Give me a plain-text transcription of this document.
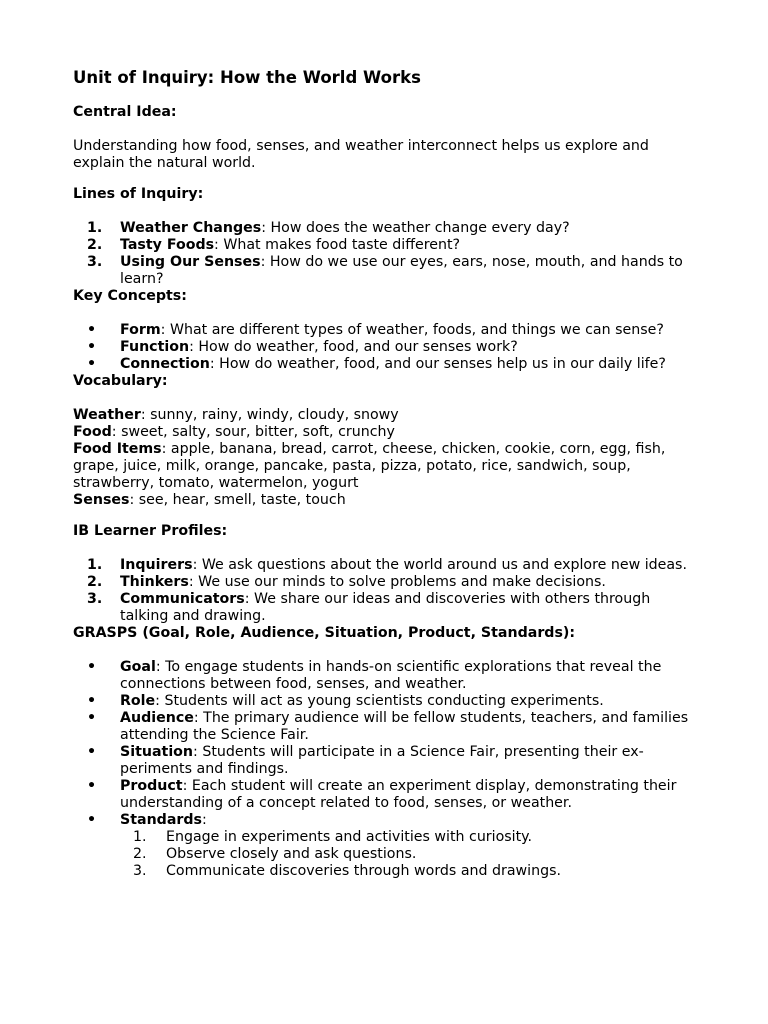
Unit of Inquiry: How the World Works
Central Idea:
Understanding how food, senses, and weather interconnect helps us explore and explain the natural world.
Lines of Inquiry:
1. Weather Changes: How does the weather change every day?
2. Tasty Foods: What makes food taste different?
3. Using Our Senses: How do we use our eyes, ears, nose, mouth, and hands to learn?
Key Concepts:
• Form: What are different types of weather, foods, and things we can sense?
• Function: How do weather, food, and our senses work?
• Connection: How do weather, food, and our senses help us in our daily life?
Vocabulary:
Weather: sunny, rainy, windy, cloudy, snowy
Food: sweet, salty, sour, bitter, soft, crunchy
Food Items: apple, banana, bread, carrot, cheese, chicken, cookie, corn, egg, fish, grape, juice, milk, orange, pancake, pasta, pizza, potato, rice, sandwich, soup, strawberry, tomato, watermelon, yogurt
Senses: see, hear, smell, taste, touch
IB Learner Profiles:
1. Inquirers: We ask questions about the world around us and explore new ideas.
2. Thinkers: We use our minds to solve problems and make decisions.
3. Communicators: We share our ideas and discoveries with others through talking and drawing.
GRASPS (Goal, Role, Audience, Situation, Product, Standards):
• Goal: To engage students in hands-on scientific explorations that reveal the connections between food, senses, and weather.
• Role: Students will act as young scientists conducting experiments.
• Audience: The primary audience will be fellow students, teachers, and families attending the Science Fair.
• Situation: Students will participate in a Science Fair, presenting their ex-periments and findings.
• Product: Each student will create an experiment display, demonstrating their understanding of a concept related to food, senses, or weather.
• Standards:
1. Engage in experiments and activities with curiosity.
2. Observe closely and ask questions.
3. Communicate discoveries through words and drawings.
